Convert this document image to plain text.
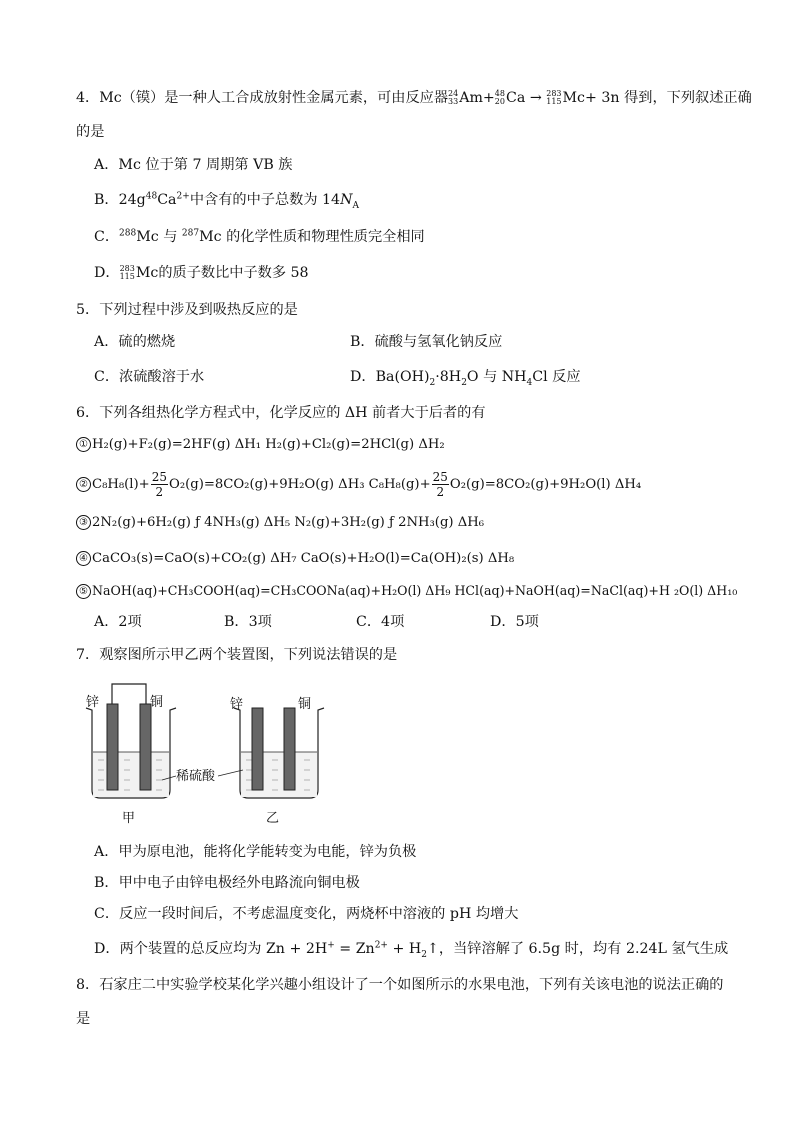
4．Mc（镆）是一种人工合成放射性金属元素，可由反应器 24
33 Am+ 48
20 Ca → 283
115 Mc+ 3n 得到，下列叙述正确
的是
A．Mc 位于第 7 周期第 VB 族
B．$24g^{48}Ca^{2+}$中含有的中子总数为 $14N_A$
C．$^{288}$Mc 与 $^{287}$Mc 的化学性质和物理性质完全相同
D． 283
115 Mc的质子数比中子数多 58
5．下列过程中涉及到吸热反应的是
A．硫的燃烧	B．硫酸与氢氧化钠反应
C．浓硫酸溶于水	D．$Ba(OH)_2\cdot 8H_2O$ 与 $NH_4Cl$ 反应
6．下列各组热化学方程式中，化学反应的 ΔH 前者大于后者的有
① H₂(g)+F₂(g)=2HF(g) ΔH₁ H₂(g)+Cl₂(g)=2HCl(g) ΔH₂
② $C_8H_8(l)+ \frac{25}{2} O_2(g)=8CO_2(g)+9H_2O(g)$ ΔH₃ $C_8H_8(g)+ \frac{25}{2} O_2(g)=8CO_2(g)+9H_2O(l)$ ΔH₄
③ 2N₂(g)+6H₂(g) ƒ 4NH₃(g) ΔH₅ N₂(g)+3H₂(g) ƒ 2NH₃(g) ΔH₆
④ CaCO₃(s)=CaO(s)+CO₂(g) ΔH₇ CaO(s)+H₂O(l)=Ca(OH)₂(s) ΔH₈
⑤ NaOH(aq)+CH₃COOH(aq)=CH₃COONa(aq)+H₂O(l) ΔH₉ HCl(aq)+NaOH(aq)=NaCl(aq)+H ₂O(l) ΔH₁₀
A．2项	B．3项	C．4项	D．5项
7．观察图所示甲乙两个装置图，下列说法错误的是
锌	铜
甲
锌	铜
乙
稀硫酸
A．甲为原电池，能将化学能转变为电能，锌为负极
B．甲中电子由锌电极经外电路流向铜电极
C．反应一段时间后，不考虑温度变化，两烧杯中溶液的 pH 均增大
D．两个装置的总反应均为 $Zn + 2H^+ = Zn^{2+}$ + $H_2↑$，当锌溶解了 6.5g 时，均有 2.24L 氢气生成
8．石家庄二中实验学校某化学兴趣小组设计了一个如图所示的水果电池，下列有关该电池的说法正确的
是
